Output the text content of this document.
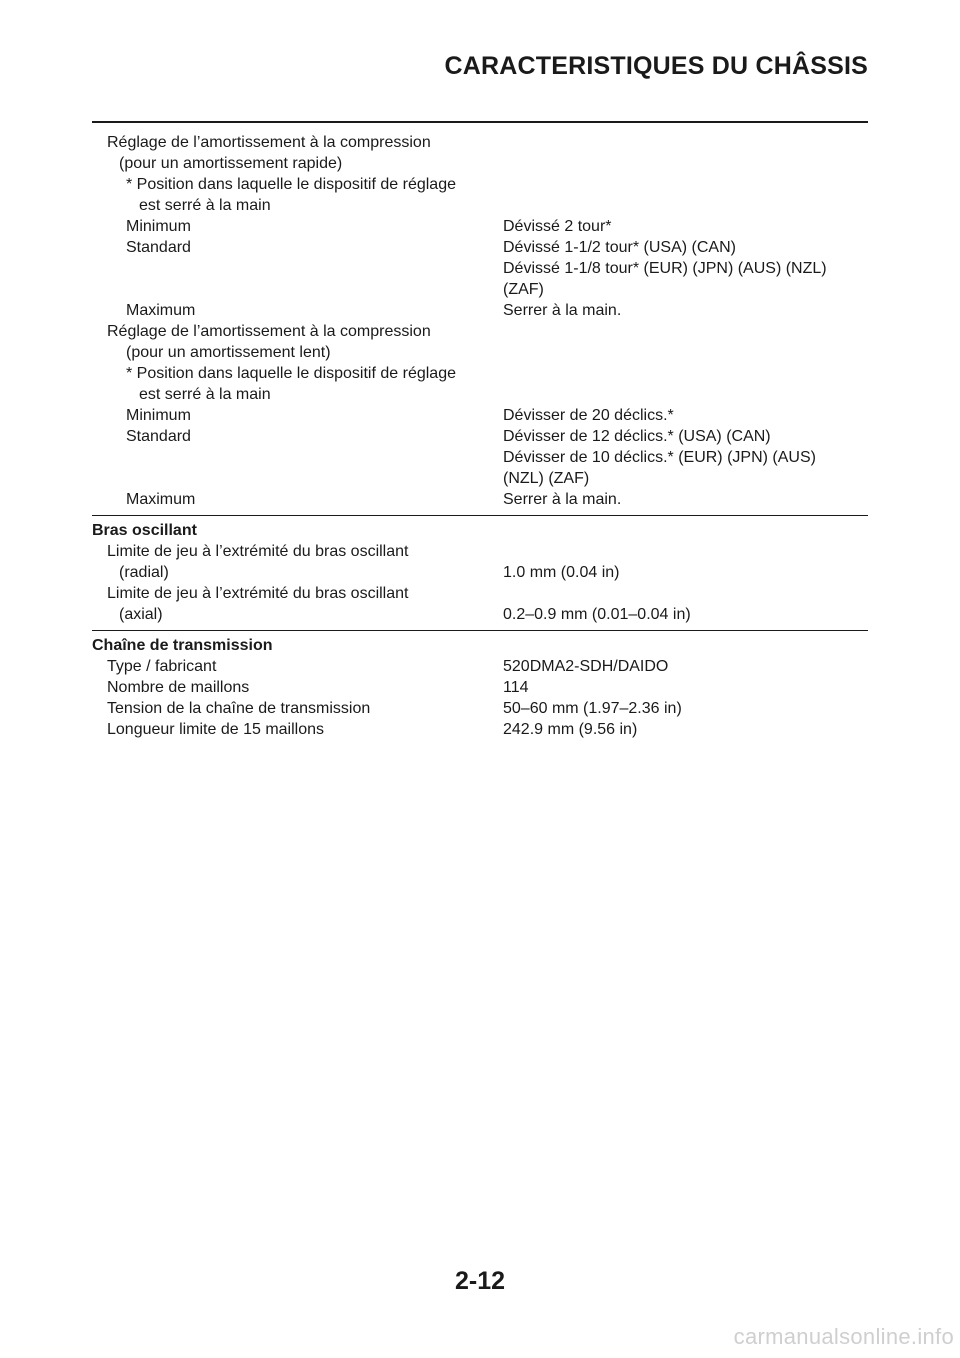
CARACTERISTIQUES DU CHÂSSIS
Réglage de l’amortissement à la compression
(pour un amortissement rapide)
* Position dans laquelle le dispositif de réglage
est serré à la main
Minimum	Dévissé 2 tour*
Standard	Dévissé 1-1/2 tour* (USA) (CAN)
Dévissé 1-1/8 tour* (EUR) (JPN) (AUS) (NZL)
(ZAF)
Maximum	Serrer à la main.
Réglage de l’amortissement à la compression
(pour un amortissement lent)
* Position dans laquelle le dispositif de réglage
est serré à la main
Minimum	Dévisser de 20 déclics.*
Standard	Dévisser de 12 déclics.* (USA) (CAN)
Dévisser de 10 déclics.* (EUR) (JPN) (AUS)
(NZL) (ZAF)
Maximum	Serrer à la main.
Bras oscillant
Limite de jeu à l’extrémité du bras oscillant
(radial)	1.0 mm (0.04 in)
Limite de jeu à l’extrémité du bras oscillant
(axial)	0.2–0.9 mm (0.01–0.04 in)
Chaîne de transmission
Type / fabricant	520DMA2-SDH/DAIDO
Nombre de maillons	114
Tension de la chaîne de transmission	50–60 mm (1.97–2.36 in)
Longueur limite de 15 maillons	242.9 mm (9.56 in)
2-12
carmanualsonline.info
